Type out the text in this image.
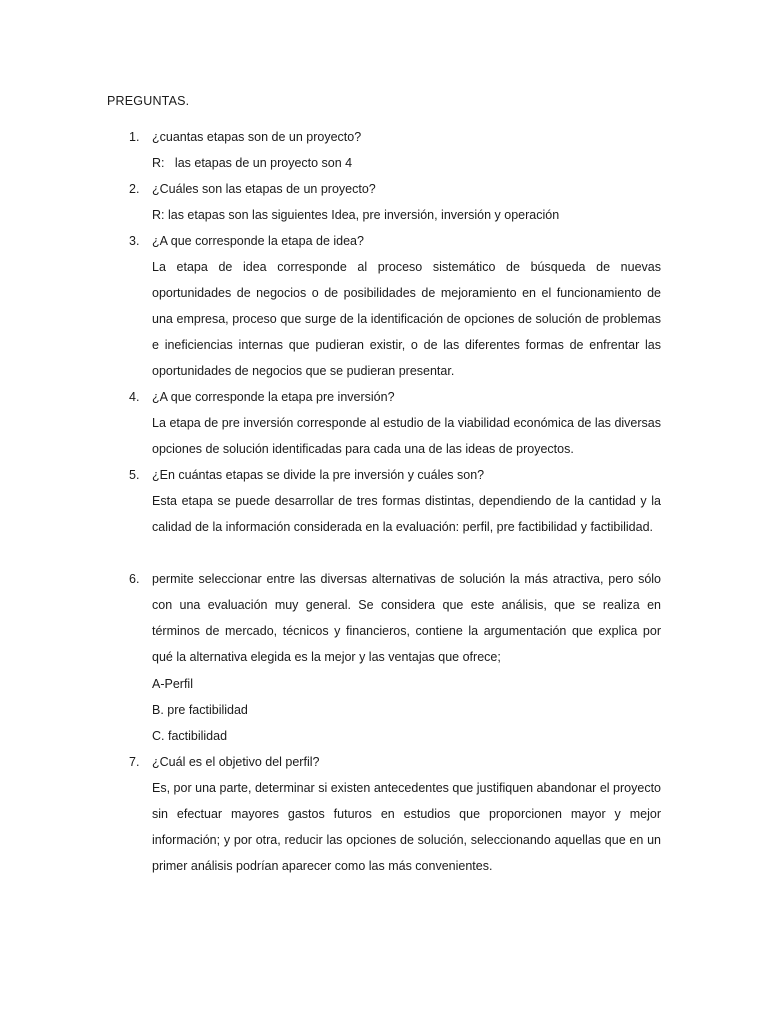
PREGUNTAS.
1.	¿cuantas etapas son de un proyecto?
R:   las etapas de un proyecto son 4
2.	¿Cuáles son las etapas de un proyecto?
R: las etapas son las siguientes Idea, pre inversión, inversión y operación
3.	¿A que corresponde la etapa de idea?
La etapa de idea corresponde al proceso sistemático de búsqueda de nuevas oportunidades de negocios o de posibilidades de mejoramiento en el funcionamiento de una empresa, proceso que surge de la identificación de opciones de solución de problemas e ineficiencias internas que pudieran existir, o de las diferentes formas de enfrentar las oportunidades de negocios que se pudieran presentar.
4.	¿A que corresponde la etapa pre inversión?
La etapa de pre inversión corresponde al estudio de la viabilidad económica de las diversas opciones de solución identificadas para cada una de las ideas de proyectos.
5.	¿En cuántas etapas se divide la pre inversión y cuáles son?
Esta etapa se puede desarrollar de tres formas distintas, dependiendo de la cantidad y la calidad de la información considerada en la evaluación: perfil, pre factibilidad y factibilidad.
6.	permite seleccionar entre las diversas alternativas de solución la más atractiva, pero sólo con una evaluación muy general. Se considera que este análisis, que se realiza en términos de mercado, técnicos y financieros, contiene la argumentación que explica por qué la alternativa elegida es la mejor y las ventajas que ofrece;
A-Perfil
B. pre factibilidad
C. factibilidad
7.	¿Cuál es el objetivo del perfil?
Es, por una parte, determinar si existen antecedentes que justifiquen abandonar el proyecto sin efectuar mayores gastos futuros en estudios que proporcionen mayor y mejor información; y por otra, reducir las opciones de solución, seleccionando aquellas que en un primer análisis podrían aparecer como las más convenientes.
